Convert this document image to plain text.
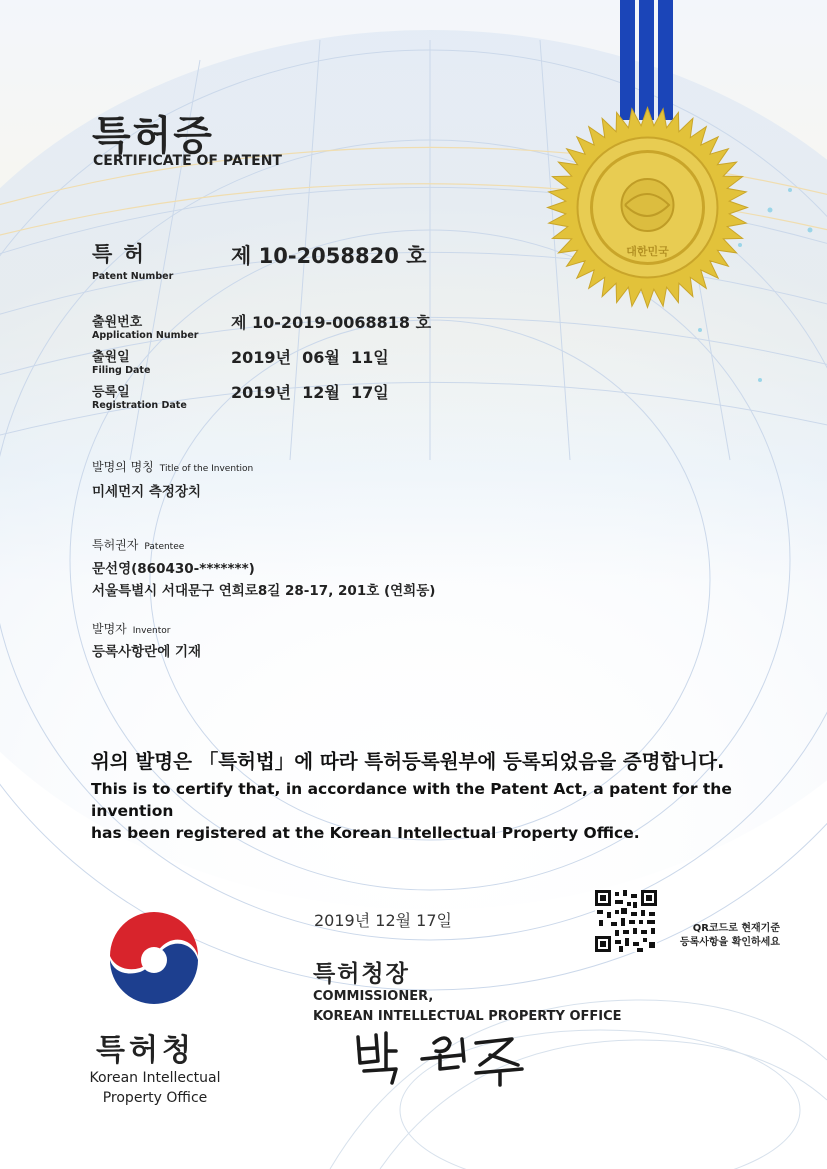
대한민국
특허증
CERTIFICATE OF PATENT
특 허
Patent Number
제 10-2058820 호
출원번호
Application Number
제 10-2019-0068818 호
출원일
Filing Date
2019년  06월  11일
등록일
Registration Date
2019년  12월  17일
발명의 명칭 Title of the Invention
미세먼지 측정장치
특허권자 Patentee
문선영(860430-*******)
서울특별시 서대문구 연희로8길 28-17, 201호 (연희동)
발명자 Inventor
등록사항란에 기재
위의 발명은 「특허법」에 따라 특허등록원부에 등록되었음을 증명합니다.
This is to certify that, in accordance with the Patent Act, a patent for the invention
has been registered at the Korean Intellectual Property Office.
특허청
Korean Intellectual
Property Office
2019년 12월 17일
특허청장
COMMISSIONER,
KOREAN INTELLECTUAL PROPERTY OFFICE
QR코드로 현재기준
등록사항을 확인하세요
